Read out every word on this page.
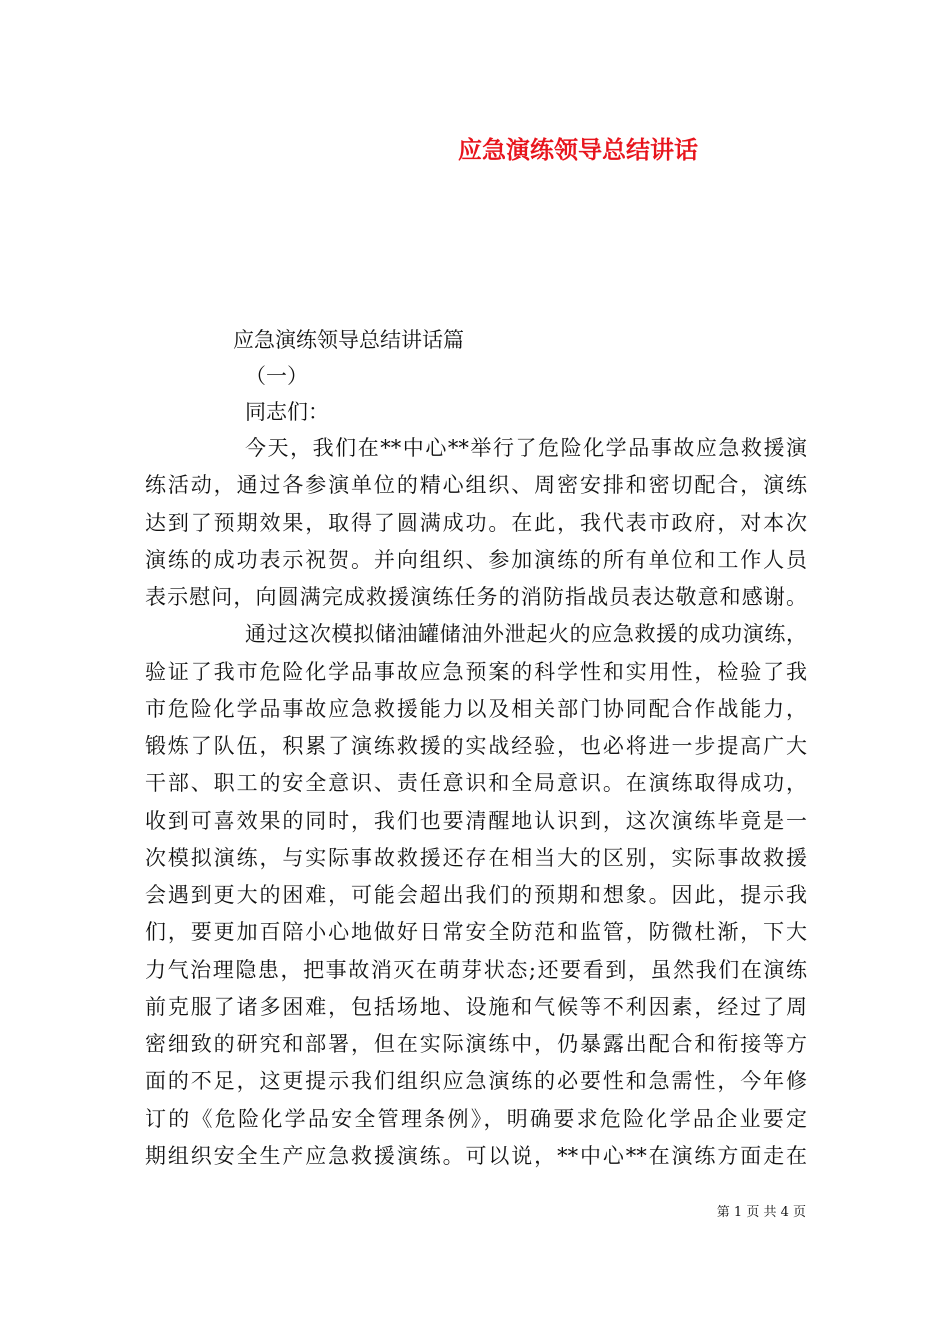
应急演练领导总结讲话
应急演练领导总结讲话篇
（一）
同志们：
今天，我们在**中心**举行了危险化学品事故应急救援演
练活动，通过各参演单位的精心组织、周密安排和密切配合，演练
达到了预期效果，取得了圆满成功。在此，我代表市政府，对本次
演练的成功表示祝贺。并向组织、参加演练的所有单位和工作人员
表示慰问，向圆满完成救援演练任务的消防指战员表达敬意和感谢。
通过这次模拟储油罐储油外泄起火的应急救援的成功演练，
验证了我市危险化学品事故应急预案的科学性和实用性，检验了我
市危险化学品事故应急救援能力以及相关部门协同配合作战能力，
锻炼了队伍，积累了演练救援的实战经验，也必将进一步提高广大
干部、职工的安全意识、责任意识和全局意识。在演练取得成功，
收到可喜效果的同时，我们也要清醒地认识到，这次演练毕竟是一
次模拟演练，与实际事故救援还存在相当大的区别，实际事故救援
会遇到更大的困难，可能会超出我们的预期和想象。因此，提示我
们，要更加百陪小心地做好日常安全防范和监管，防微杜渐，下大
力气治理隐患，把事故消灭在萌芽状态;还要看到，虽然我们在演练
前克服了诸多困难，包括场地、设施和气候等不利因素，经过了周
密细致的研究和部署，但在实际演练中，仍暴露出配合和衔接等方
面的不足，这更提示我们组织应急演练的必要性和急需性，今年修
订的《危险化学品安全管理条例》，明确要求危险化学品企业要定
期组织安全生产应急救援演练。可以说，**中心**在演练方面走在
第 1 页 共 4 页
